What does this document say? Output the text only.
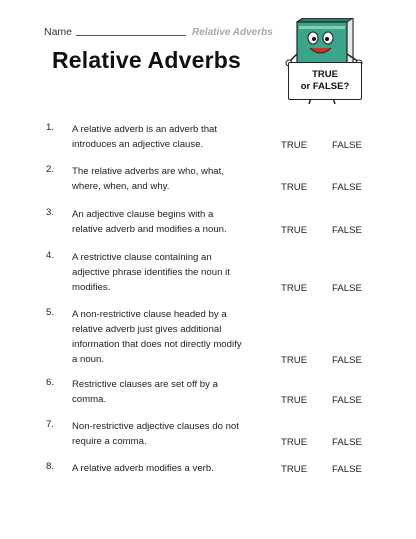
Name	Relative Adverbs
Relative Adverbs
TRUE
or FALSE?
1. A relative adverb is an adverb that
introduces an adjective clause.	TRUE	FALSE
2. The relative adverbs are who, what,
where, when, and why.	TRUE	FALSE
3. An adjective clause begins with a
relative adverb and modifies a noun.	TRUE	FALSE
4. A restrictive clause containing an
adjective phrase identifies the noun it
modifies.	TRUE	FALSE
5. A non-restrictive clause headed by a
relative adverb just gives additional
information that does not directly modify
a noun.	TRUE	FALSE
6. Restrictive clauses are set off by a
comma.	TRUE	FALSE
7. Non-restrictive adjective clauses do not
require a comma.	TRUE	FALSE
8. A relative adverb modifies a verb.	TRUE	FALSE
